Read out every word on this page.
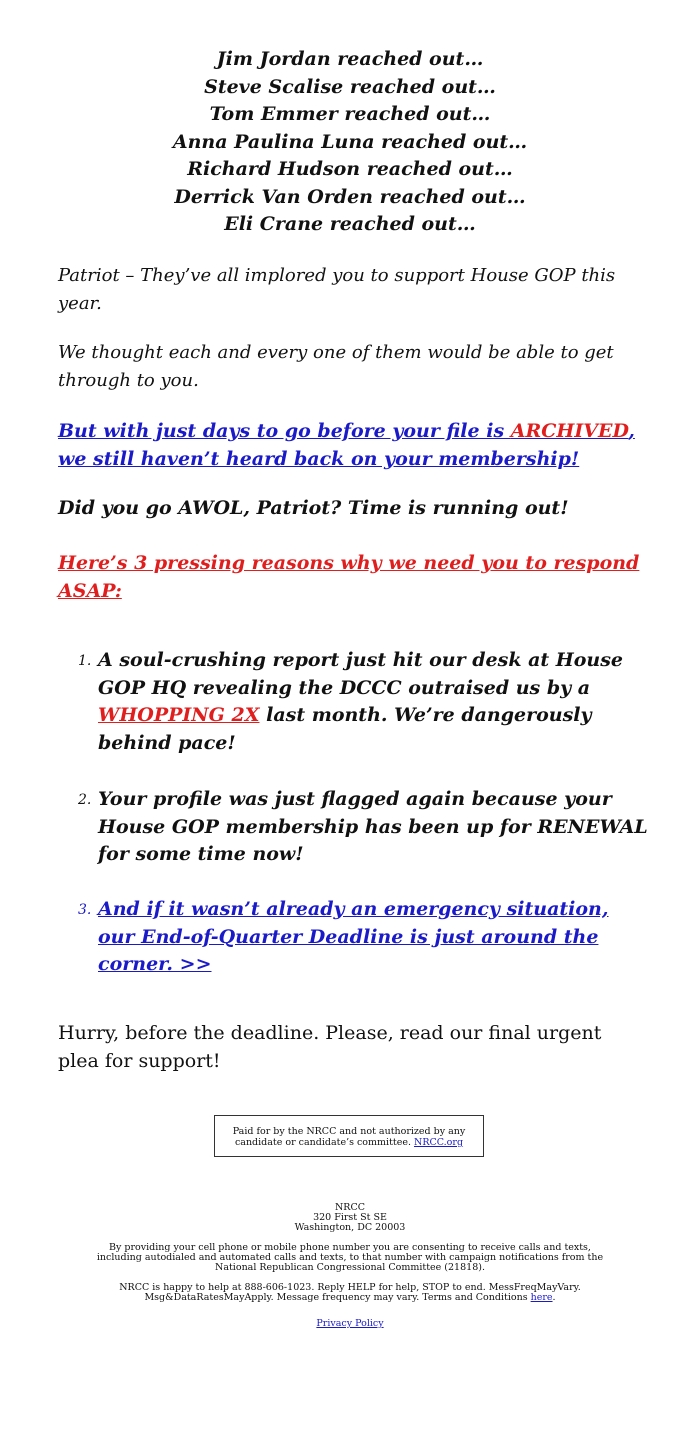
Jim Jordan reached out…
Steve Scalise reached out…
Tom Emmer reached out…
Anna Paulina Luna reached out…
Richard Hudson reached out…
Derrick Van Orden reached out…
Eli Crane reached out…

Patriot – They’ve all implored you to support House GOP this year.

We thought each and every one of them would be able to get through to you.

But with just days to go before your file is ARCHIVED, we still haven’t heard back on your membership!

Did you go AWOL, Patriot? Time is running out!

Here’s 3 pressing reasons why we need you to respond ASAP:

1. A soul-crushing report just hit our desk at House GOP HQ revealing the DCCC outraised us by a WHOPPING 2X last month. We’re dangerously behind pace!
2. Your profile was just flagged again because your House GOP membership has been up for RENEWAL for some time now!
3. And if it wasn’t already an emergency situation, our End-of-Quarter Deadline is just around the corner. >>

Hurry, before the deadline. Please, read our final urgent plea for support!

Paid for by the NRCC and not authorized by any candidate or candidate’s committee. NRCC.org
NRCC
320 First St SE
Washington, DC 20003
By providing your cell phone or mobile phone number you are consenting to receive calls and texts, including autodialed and automated calls and texts, to that number with campaign notifications from the National Republican Congressional Committee (21818).
NRCC is happy to help at 888-606-1023. Reply HELP for help, STOP to end. MessFreqMayVary. Msg&DataRatesMayApply. Message frequency may vary. Terms and Conditions here.
Privacy Policy
